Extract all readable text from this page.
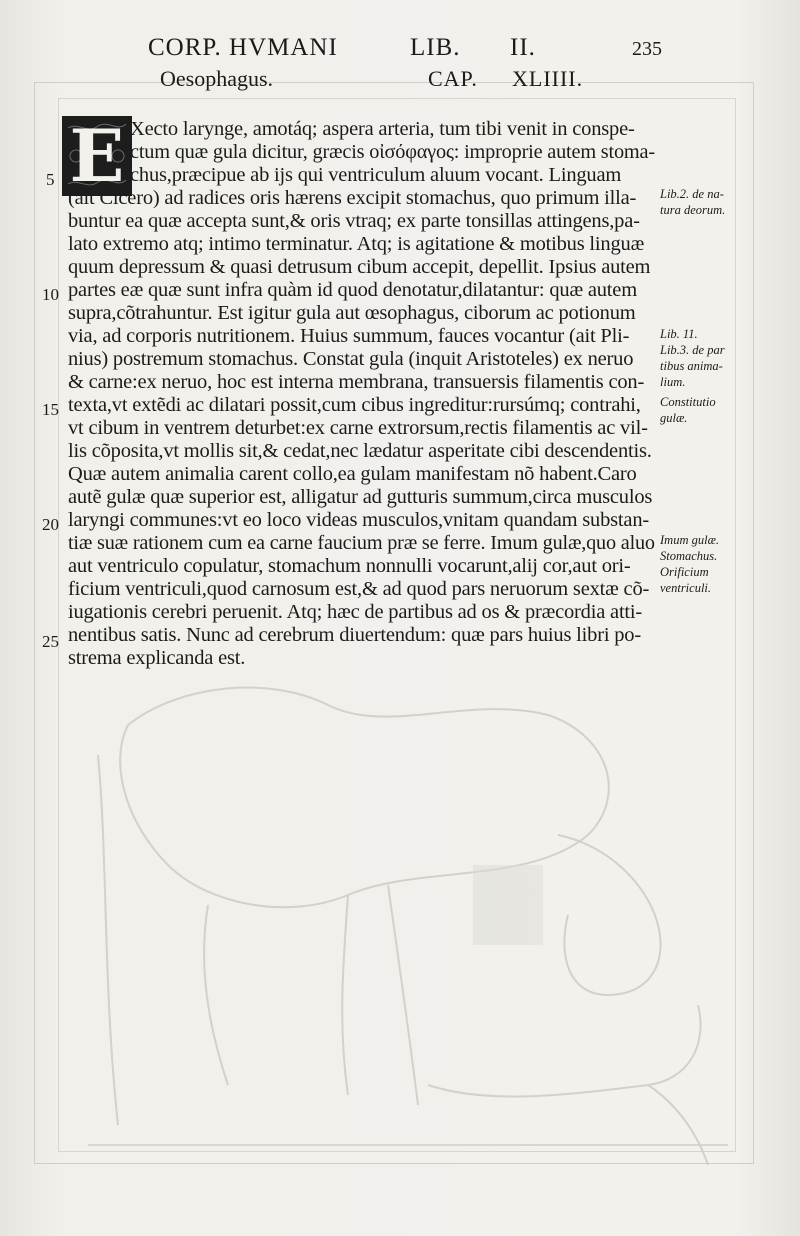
CORP. HVMANI	LIB. II.	235
Oesophagus.	CAP. XLIIII.
E Xecto larynge, amotáq; aspera arteria, tum tibi venit in conspe-
ctum quæ gula dicitur, græcis οἰσόφαγος: improprie autem stoma-
chus,præcipue ab ijs qui ventriculum aluum vocant. Linguam
(ait Cicero) ad radices oris hærens excipit stomachus, quo primum illa-
buntur ea quæ accepta sunt,& oris vtraq; ex parte tonsillas attingens,pa-
lato extremo atq; intimo terminatur. Atq; is agitatione & motibus linguæ
quum depressum & quasi detrusum cibum accepit, depellit. Ipsius autem
partes eæ quæ sunt infra quàm id quod denotatur,dilatantur: quæ autem
supra,cõtrahuntur. Est igitur gula aut œsophagus, ciborum ac potionum
via, ad corporis nutritionem. Huius summum, fauces vocantur (ait Pli-
nius) postremum stomachus. Constat gula (inquit Aristoteles) ex neruo
& carne:ex neruo, hoc est interna membrana, transuersis filamentis con-
texta,vt extẽdi ac dilatari possit,cum cibus ingreditur:rursúmq; contrahi,
vt cibum in ventrem deturbet:ex carne extrorsum,rectis filamentis ac vil-
lis cõposita,vt mollis sit,& cedat,nec lædatur asperitate cibi descendentis.
Quæ autem animalia carent collo,ea gulam manifestam nõ habent.Caro
autẽ gulæ quæ superior est, alligatur ad gutturis summum,circa musculos
laryngi communes:vt eo loco videas musculos,vnitam quandam substan-
tiæ suæ rationem cum ea carne faucium præ se ferre. Imum gulæ,quo aluo
aut ventriculo copulatur, stomachum nonnulli vocarunt,alij cor,aut ori-
ficium ventriculi,quod carnosum est,& ad quod pars neruorum sextæ cõ-
iugationis cerebri peruenit. Atq; hæc de partibus ad os & præcordia atti-
nentibus satis. Nunc ad cerebrum diuertendum: quæ pars huius libri po-
strema explicanda est.
5
10
15
20
25
Lib.2. de na-
tura deorum.
Lib. 11.
Lib.3. de par
tibus anima-
lium.
Constitutio
gulæ.
Imum gulæ.
Stomachus.
Orificium
ventriculi.
